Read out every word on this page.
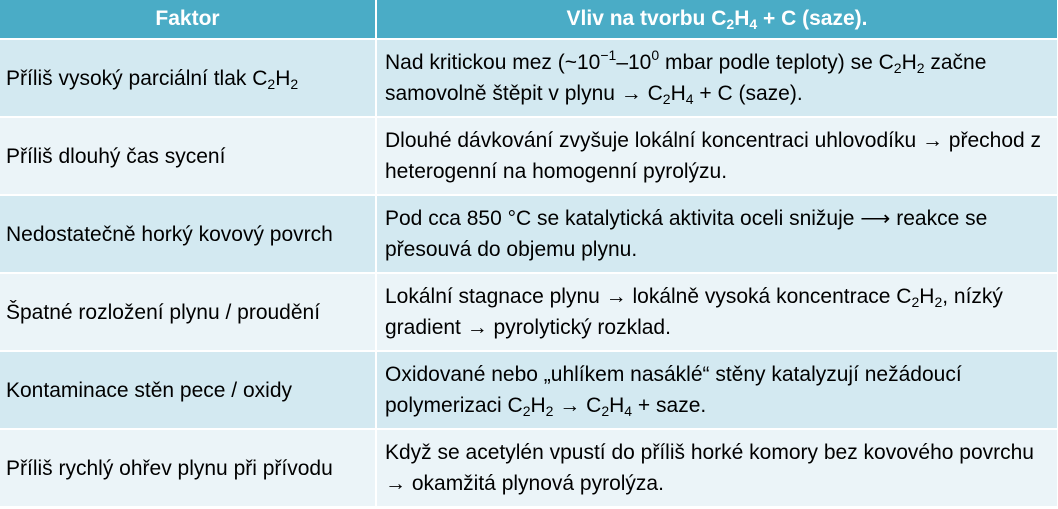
Faktor	Vliv na tvorbu $C_2H_4 + C$ (saze).
Příliš vysoký parciální tlak $C_2H_2$	Nad kritickou mez ($\sim 10^{-1}-10^0$ mbar podle teploty) se $C_2H_2$ začne samovolně štěpit v plynu → $C_2H_4 + C$ (saze).
Příliš dlouhý čas sycení	Dlouhé dávkování zvyšuje lokální koncentraci uhlovodíku → přechod z heterogenní na homogenní pyrolýzu.
Nedostatečně horký kovový povrch	Pod cca 850 °C se katalytická aktivita oceli snižuje ⟶ reakce se přesouvá do objemu plynu.
Špatné rozložení plynu / proudění	Lokální stagnace plynu → lokálně vysoká koncentrace $C_2H_2$, nízký gradient → pyrolytický rozklad.
Kontaminace stěn pece / oxidy	Oxidované nebo „uhlíkem nasáklé“ stěny katalyzují nežádoucí polymerizaci $C_2H_2 \to C_2H_4$ + saze.
Příliš rychlý ohřev plynu při přívodu	Když se acetylén vpustí do příliš horké komory bez kovového povrchu → okamžitá plynová pyrolýza.
